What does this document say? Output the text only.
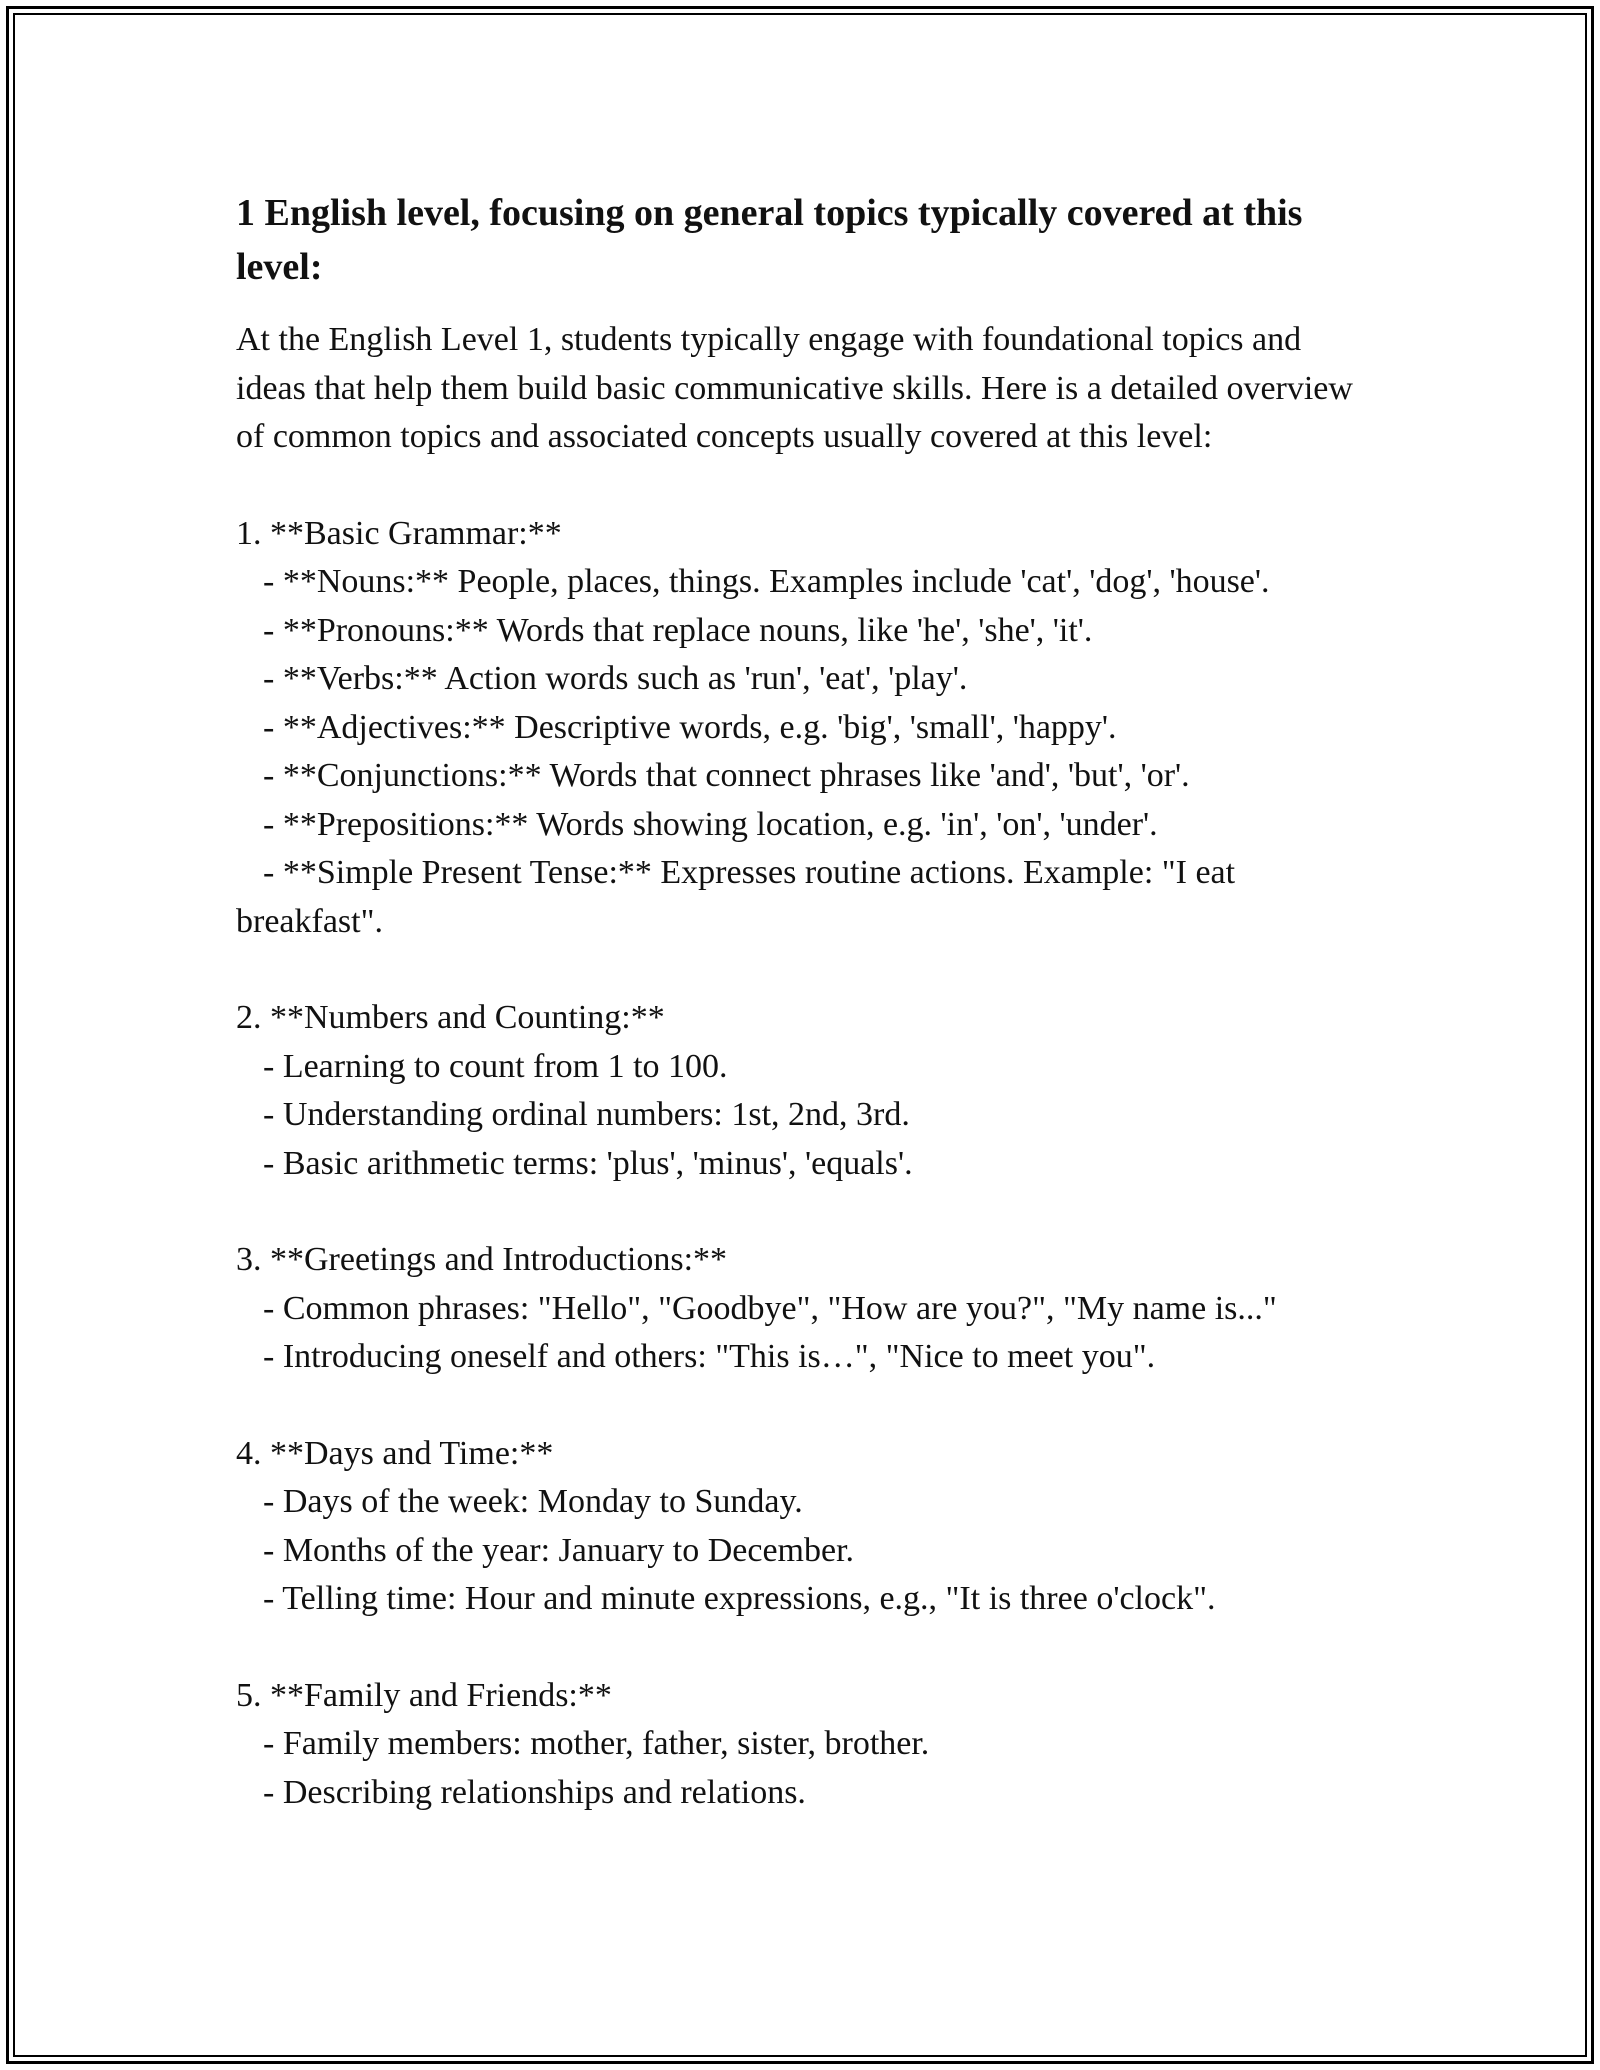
1 English level, focusing on general topics typically covered at this level:
At the English Level 1, students typically engage with foundational topics and ideas that help them build basic communicative skills. Here is a detailed overview of common topics and associated concepts usually covered at this level:
1. **Basic Grammar:**
- **Nouns:** People, places, things. Examples include 'cat', 'dog', 'house'.
- **Pronouns:** Words that replace nouns, like 'he', 'she', 'it'.
- **Verbs:** Action words such as 'run', 'eat', 'play'.
- **Adjectives:** Descriptive words, e.g. 'big', 'small', 'happy'.
- **Conjunctions:** Words that connect phrases like 'and', 'but', 'or'.
- **Prepositions:** Words showing location, e.g. 'in', 'on', 'under'.
- **Simple Present Tense:** Expresses routine actions. Example: "I eat breakfast".
2. **Numbers and Counting:**
- Learning to count from 1 to 100.
- Understanding ordinal numbers: 1st, 2nd, 3rd.
- Basic arithmetic terms: 'plus', 'minus', 'equals'.
3. **Greetings and Introductions:**
- Common phrases: "Hello", "Goodbye", "How are you?", "My name is..."
- Introducing oneself and others: "This is…", "Nice to meet you".
4. **Days and Time:**
- Days of the week: Monday to Sunday.
- Months of the year: January to December.
- Telling time: Hour and minute expressions, e.g., "It is three o'clock".
5. **Family and Friends:**
- Family members: mother, father, sister, brother.
- Describing relationships and relations.
